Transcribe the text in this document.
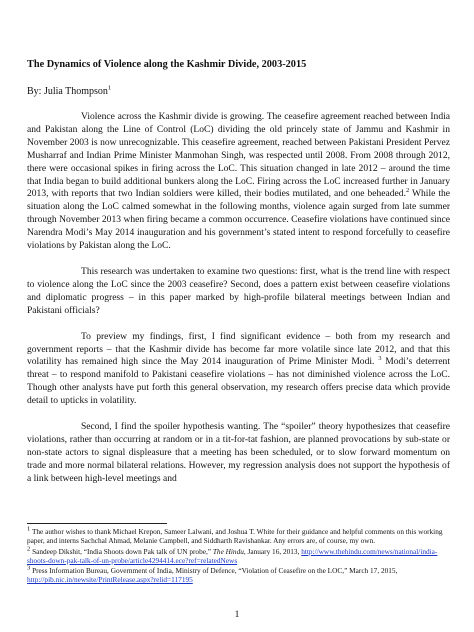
The Dynamics of Violence along the Kashmir Divide, 2003-2015
By: Julia Thompson$^1$

Violence across the Kashmir divide is growing. The ceasefire agreement reached between India and Pakistan along the Line of Control (LoC) dividing the old princely state of Jammu and Kashmir in November 2003 is now unrecognizable. This ceasefire agreement, reached between Pakistani President Pervez Musharraf and Indian Prime Minister Manmohan Singh, was respected until 2008. From 2008 through 2012, there were occasional spikes in firing across the LoC. This situation changed in late 2012 – around the time that India began to build additional bunkers along the LoC. Firing across the LoC increased further in January 2013, with reports that two Indian soldiers were killed, their bodies mutilated, and one beheaded.$^2$ While the situation along the LoC calmed somewhat in the following months, violence again surged from late summer through November 2013 when firing became a common occurrence. Ceasefire violations have continued since Narendra Modi’s May 2014 inauguration and his government’s stated intent to respond forcefully to ceasefire violations by Pakistan along the LoC.

This research was undertaken to examine two questions: first, what is the trend line with respect to violence along the LoC since the 2003 ceasefire? Second, does a pattern exist between ceasefire violations and diplomatic progress – in this paper marked by high-profile bilateral meetings between Indian and Pakistani officials?

To preview my findings, first, I find significant evidence – both from my research and government reports – that the Kashmir divide has become far more volatile since late 2012, and that this volatility has remained high since the May 2014 inauguration of Prime Minister Modi. $^3$ Modi’s deterrent threat – to respond manifold to Pakistani ceasefire violations – has not diminished violence across the LoC. Though other analysts have put forth this general observation, my research offers precise data which provide detail to upticks in volatility.

Second, I find the spoiler hypothesis wanting. The “spoiler” theory hypothesizes that ceasefire violations, rather than occurring at random or in a tit-for-tat fashion, are planned provocations by sub-state or non-state actors to signal displeasure that a meeting has been scheduled, or to slow forward momentum on trade and more normal bilateral relations. However, my regression analysis does not support the hypothesis of a link between high-level meetings and

$^1$ The author wishes to thank Michael Krepon, Sameer Lalwani, and Joshua T. White for their guidance and helpful comments on this working paper, and interns Sachchal Ahmad, Melanie Campbell, and Siddharth Ravishankar. Any errors are, of course, my own.
$^2$ Sandeep Dikshit, “India Shoots down Pak talk of UN probe,” The Hindu, January 16, 2013, http://www.thehindu.com/news/national/india-shoots-down-pak-talk-of-un-probe/article4294414.ece?ref=relatedNews
$^3$ Press Information Bureau, Government of India, Ministry of Defence, “Violation of Ceasefire on the LOC,” March 17, 2015, http://pib.nic.in/newsite/PrintRelease.aspx?relid=117195
1
